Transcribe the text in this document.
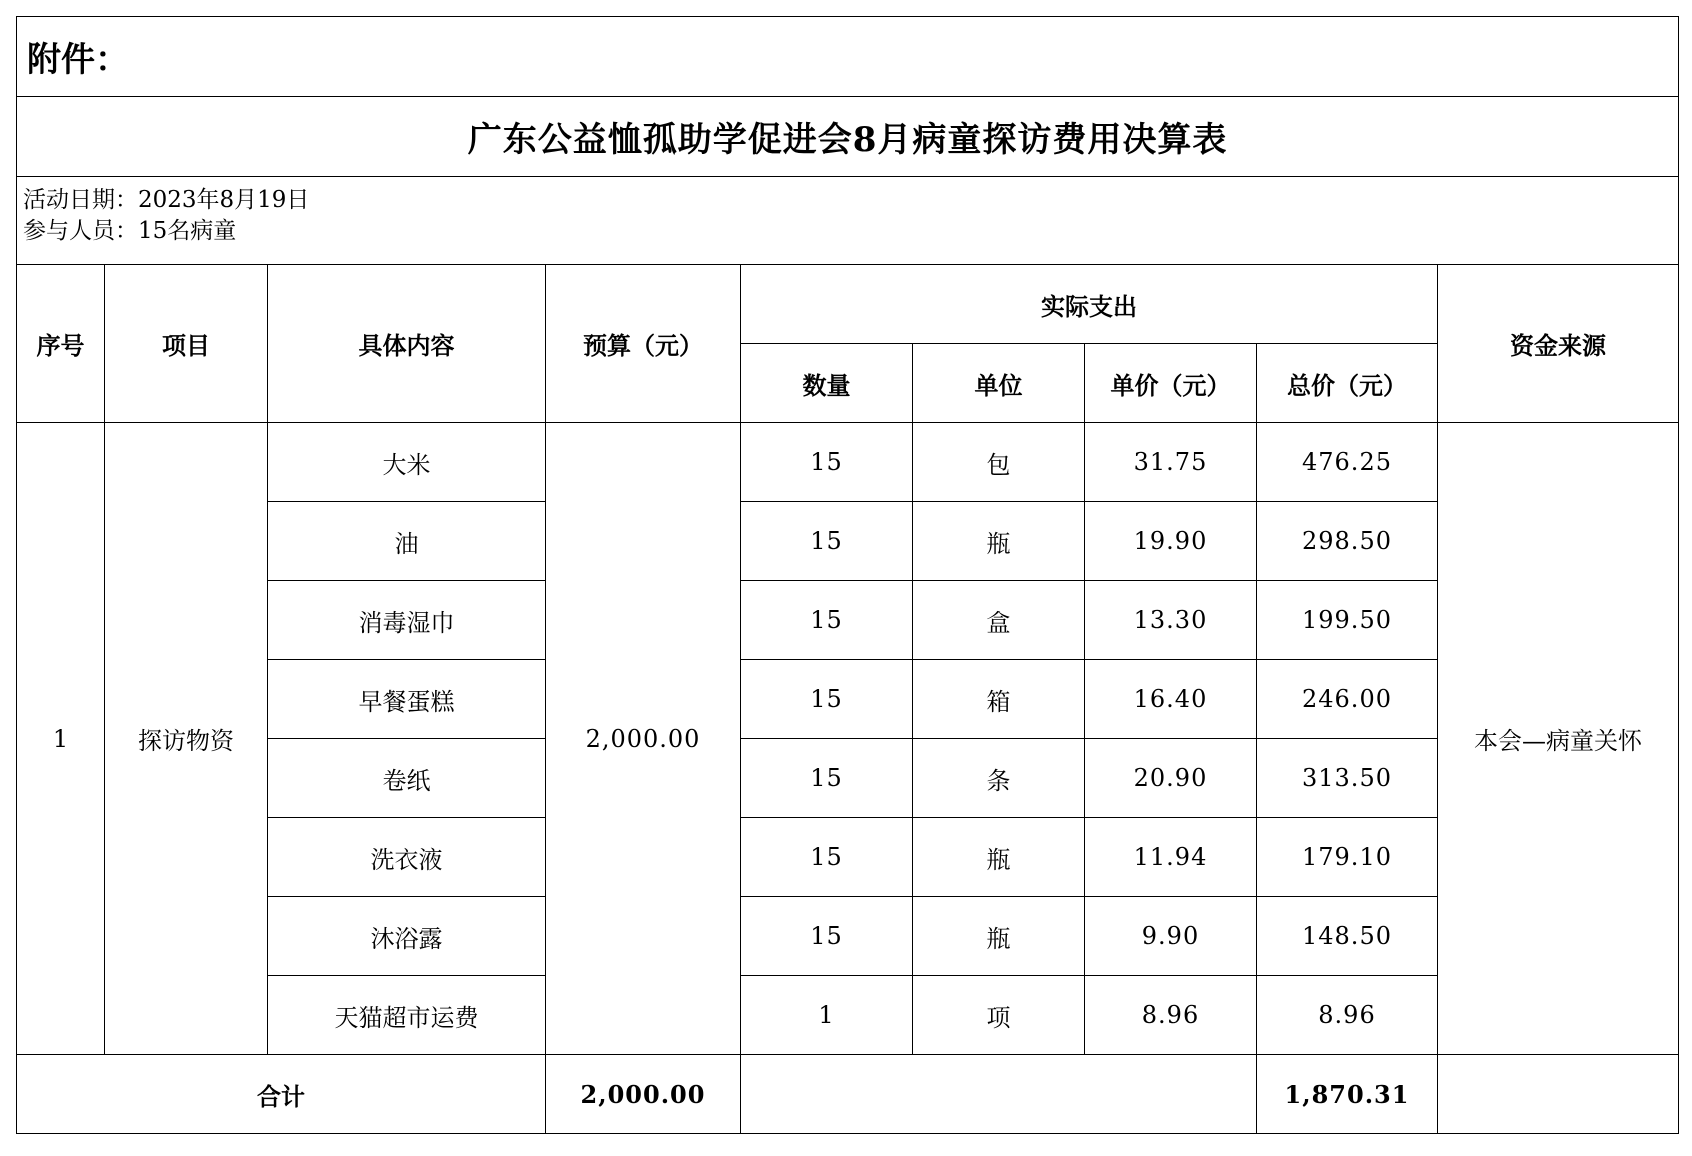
附件：								
广东公益恤孤助学促进会8月病童探访费用决算表								

活动日期：2023年8月19日
参与人员：15名病童								

序号	项目	具体内容	预算（元）	实际支出				资金来源
				数量	单位	单价（元）	总价（元）	
1	探访物资	大米	2,000.00	15	包	31.75	476.25	本会—病童关怀
		油		15	瓶	19.90	298.50	
		消毒湿巾		15	盒	13.30	199.50	
		早餐蛋糕		15	箱	16.40	246.00	
		卷纸		15	条	20.90	313.50	
		洗衣液		15	瓶	11.94	179.10	
		沐浴露		15	瓶	9.90	148.50	
		天猫超市运费		1	项	8.96	8.96	
合计			2,000.00				1,870.31	
